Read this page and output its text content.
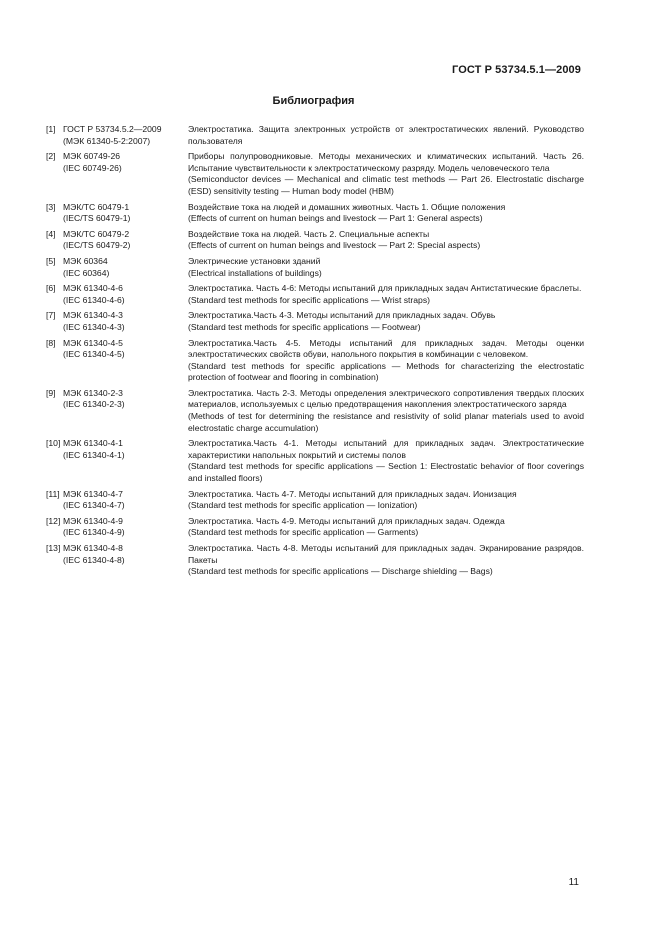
ГОСТ Р 53734.5.1—2009
Библиография
[1] ГОСТ Р 53734.5.2—2009
(МЭК 61340-5-2:2007)

Электростатика. Защита электронных устройств от электростатических явлений. Руководство пользователя

[2] МЭК 60749-26
(IEC 60749-26)

Приборы полупроводниковые. Методы механических и климатических испытаний. Часть 26. Испытание чувствительности к электростатическому разряду. Модель человеческого тела

(Semiconductor devices — Mechanical and climatic test methods — Part 26. Electrostatic discharge (ESD) sensitivity testing — Human body model (HBM)

[3] МЭК/ТС 60479-1
(IEC/TS 60479-1)

Воздействие тока на людей и домашних животных. Часть 1. Общие положения

(Effects of current on human beings and livestock — Part 1: General aspects)

[4] МЭК/ТС 60479-2
(IEC/TS 60479-2)

Воздействие тока на людей. Часть 2. Специальные аспекты

(Effects of current on human beings and livestock — Part 2: Special aspects)

[5] МЭК 60364
(IEC 60364)

Электрические установки зданий

(Electrical installations of buildings)

[6] МЭК 61340-4-6
(IEC 61340-4-6)

Электростатика. Часть 4-6: Методы испытаний для прикладных задач Антистатические браслеты.

(Standard test methods for specific applications — Wrist straps)

[7] МЭК 61340-4-3
(IEC 61340-4-3)

Электростатика.Часть 4-3. Методы испытаний для прикладных задач. Обувь

(Standard test methods for specific applications — Footwear)

[8] МЭК 61340-4-5
(IEC 61340-4-5)

Электростатика.Часть 4-5. Методы испытаний для прикладных задач. Методы оценки электростатических свойств обуви, напольного покрытия в комбинации с человеком.

(Standard test methods for specific applications — Methods for characterizing the electrostatic protection of footwear and flooring in combination)

[9] МЭК 61340-2-3
(IEC 61340-2-3)

Электростатика. Часть 2-3. Методы определения электрического сопротивления твердых плоских материалов, используемых с целью предотвращения накопления электростатического заряда

(Methods of test for determining the resistance and resistivity of solid planar materials used to avoid electrostatic charge accumulation)

[10] МЭК 61340-4-1
(IEC 61340-4-1)

Электростатика.Часть 4-1. Методы испытаний для прикладных задач. Электростатические характеристики напольных покрытий и системы полов

(Standard test methods for specific applications — Section 1: Electrostatic behavior of floor coverings and installed floors)

[11] МЭК 61340-4-7
(IEC 61340-4-7)

Электростатика. Часть 4-7. Методы испытаний для прикладных задач. Ионизация

(Standard test methods for specific application — Ionization)

[12] МЭК 61340-4-9
(IEC 61340-4-9)

Электростатика. Часть 4-9. Методы испытаний для прикладных задач. Одежда

(Standard test methods for specific application — Garments)

[13] МЭК 61340-4-8
(IEC 61340-4-8)

Электростатика. Часть 4-8. Методы испытаний для прикладных задач. Экранирование разрядов. Пакеты

(Standard test methods for specific applications — Discharge shielding — Bags)

11
